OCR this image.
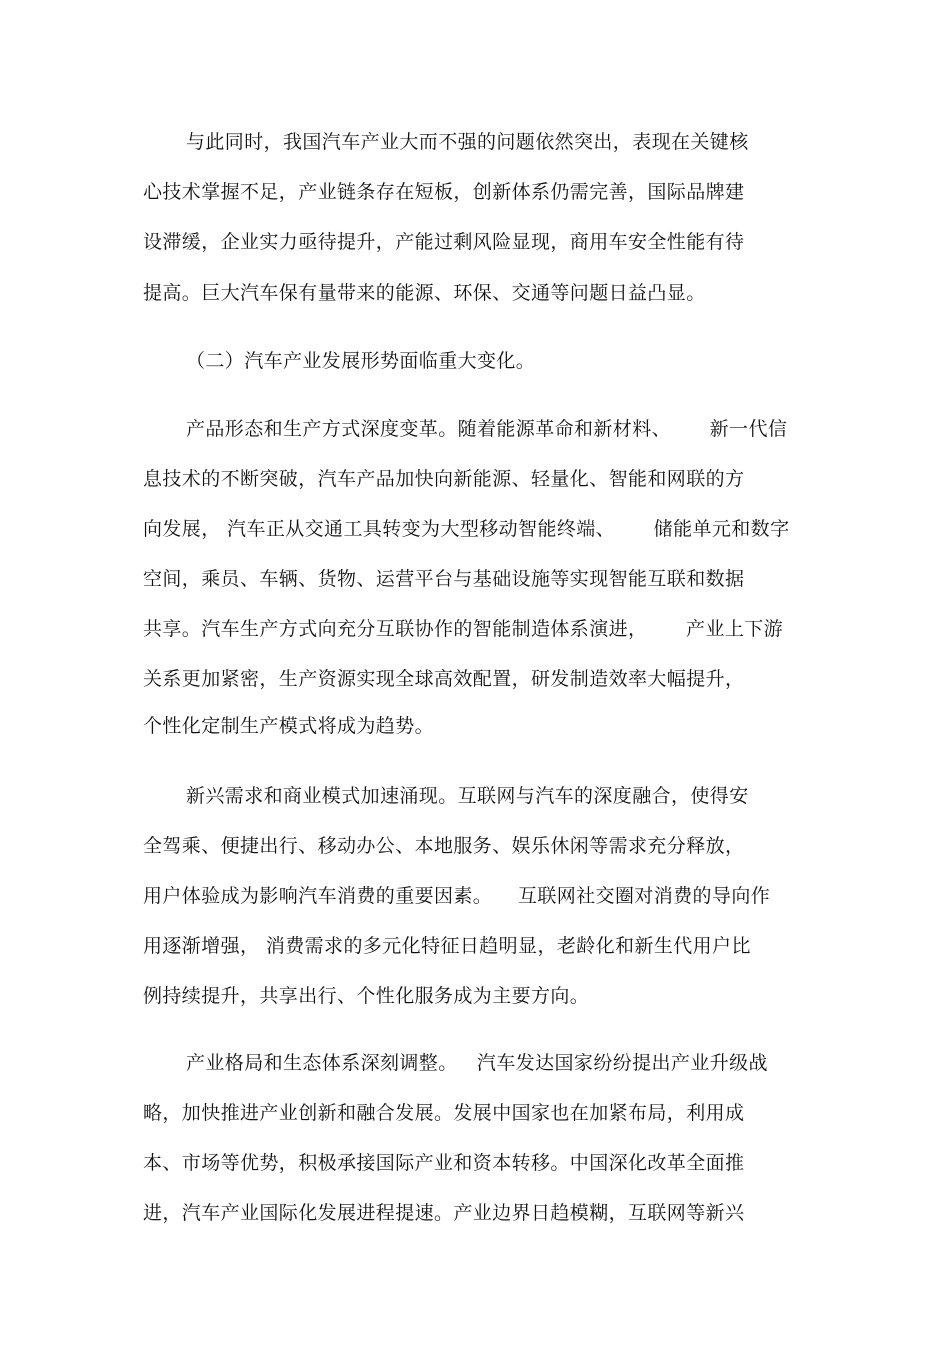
与此同时，我国汽车产业大而不强的问题依然突出，表现在关键核
心技术掌握不足，产业链条存在短板，创新体系仍需完善，国际品牌建
设滞缓，企业实力亟待提升，产能过剩风险显现，商用车安全性能有待
提高。巨大汽车保有量带来的能源、环保、交通等问题日益凸显。
（二）汽车产业发展形势面临重大变化。
产品形态和生产方式深度变革。随着能源革命和新材料、      新一代信
息技术的不断突破，汽车产品加快向新能源、轻量化、智能和网联的方
向发展， 汽车正从交通工具转变为大型移动智能终端、      储能单元和数字
空间，乘员、车辆、货物、运营平台与基础设施等实现智能互联和数据
共享。汽车生产方式向充分互联协作的智能制造体系演进，      产业上下游
关系更加紧密，生产资源实现全球高效配置，研发制造效率大幅提升，
个性化定制生产模式将成为趋势。
新兴需求和商业模式加速涌现。互联网与汽车的深度融合，使得安
全驾乘、便捷出行、移动办公、本地服务、娱乐休闲等需求充分释放，
用户体验成为影响汽车消费的重要因素。    互联网社交圈对消费的导向作
用逐渐增强， 消费需求的多元化特征日趋明显，老龄化和新生代用户比
例持续提升，共享出行、个性化服务成为主要方向。
产业格局和生态体系深刻调整。   汽车发达国家纷纷提出产业升级战
略，加快推进产业创新和融合发展。发展中国家也在加紧布局，利用成
本、市场等优势，积极承接国际产业和资本转移。中国深化改革全面推
进，汽车产业国际化发展进程提速。产业边界日趋模糊，互联网等新兴
